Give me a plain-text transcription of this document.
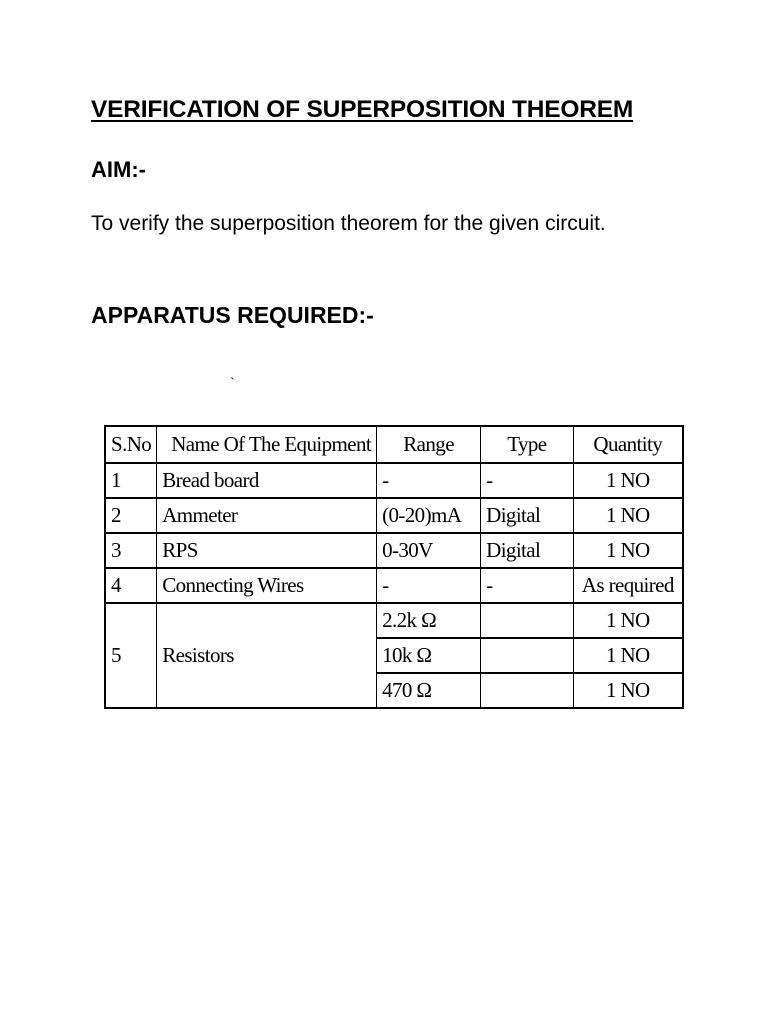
VERIFICATION OF SUPERPOSITION THEOREM
AIM:-
To verify the superposition theorem for the given circuit.
APPARATUS REQUIRED:-
`
S.No	Name Of The Equipment	Range	Type	Quantity
1	Bread board	-	-	1 NO
2	Ammeter	(0-20)mA	Digital	1 NO
3	RPS	0-30V	Digital	1 NO
4	Connecting Wires	-	-	As required
5	Resistors	2.2k Ω		1 NO
		10k Ω		1 NO
		470 Ω		1 NO
